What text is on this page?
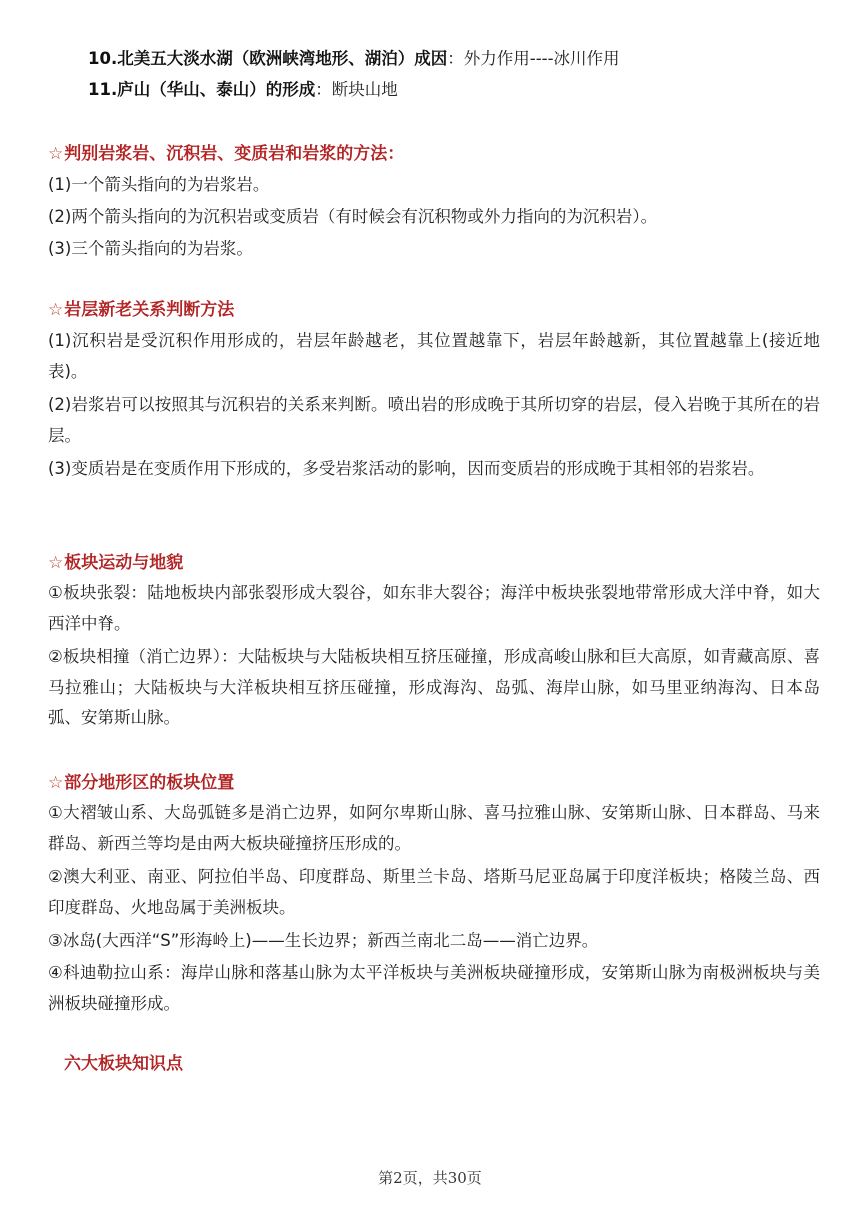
10.北美五大淡水湖（欧洲峡湾地形、湖泊）成因：外力作用----冰川作用
11.庐山（华山、泰山）的形成：断块山地
☆判别岩浆岩、沉积岩、变质岩和岩浆的方法：
(1)一个箭头指向的为岩浆岩。
(2)两个箭头指向的为沉积岩或变质岩（有时候会有沉积物或外力指向的为沉积岩）。
(3)三个箭头指向的为岩浆。
☆岩层新老关系判断方法
(1)沉积岩是受沉积作用形成的，岩层年龄越老，其位置越靠下，岩层年龄越新，其位置越靠上(接近地表)。
(2)岩浆岩可以按照其与沉积岩的关系来判断。喷出岩的形成晚于其所切穿的岩层，侵入岩晚于其所在的岩层。
(3)变质岩是在变质作用下形成的，多受岩浆活动的影响，因而变质岩的形成晚于其相邻的岩浆岩。
☆板块运动与地貌
①板块张裂：陆地板块内部张裂形成大裂谷，如东非大裂谷；海洋中板块张裂地带常形成大洋中脊，如大西洋中脊。
②板块相撞（消亡边界）：大陆板块与大陆板块相互挤压碰撞，形成高峻山脉和巨大高原，如青藏高原、喜马拉雅山；大陆板块与大洋板块相互挤压碰撞，形成海沟、岛弧、海岸山脉，如马里亚纳海沟、日本岛弧、安第斯山脉。
☆部分地形区的板块位置
①大褶皱山系、大岛弧链多是消亡边界，如阿尔卑斯山脉、喜马拉雅山脉、安第斯山脉、日本群岛、马来群岛、新西兰等均是由两大板块碰撞挤压形成的。
②澳大利亚、南亚、阿拉伯半岛、印度群岛、斯里兰卡岛、塔斯马尼亚岛属于印度洋板块；格陵兰岛、西印度群岛、火地岛属于美洲板块。
③冰岛(大西洋“S”形海岭上)——生长边界；新西兰南北二岛——消亡边界。
④科迪勒拉山系：海岸山脉和落基山脉为太平洋板块与美洲板块碰撞形成，安第斯山脉为南极洲板块与美洲板块碰撞形成。
六大板块知识点
第2页，共30页
